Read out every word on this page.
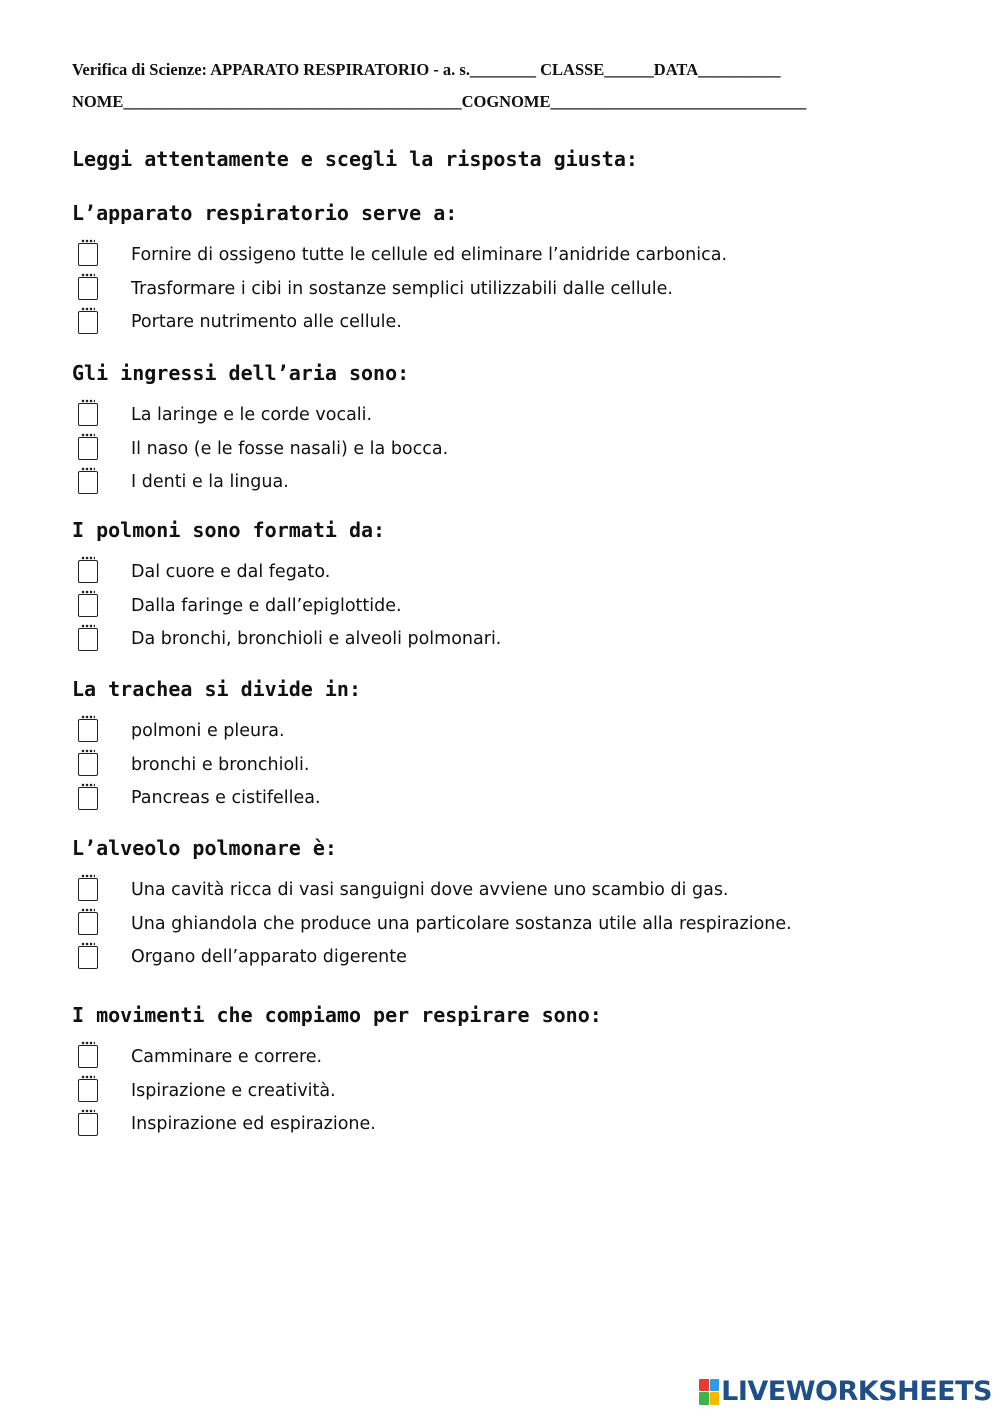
Verifica di Scienze: APPARATO RESPIRATORIO - a. s.________ CLASSE______DATA__________
NOME_________________________________________COGNOME_______________________________
Leggi attentamente e scegli la risposta giusta:
L’apparato respiratorio serve a:
Fornire di ossigeno tutte le cellule ed eliminare l’anidride carbonica.
Trasformare i cibi in sostanze semplici utilizzabili dalle cellule.
Portare nutrimento alle cellule.
Gli ingressi dell’aria sono:
La laringe e le corde vocali.
Il naso (e le fosse nasali) e la bocca.
I denti e la lingua.
I polmoni sono formati da:
Dal cuore e dal fegato.
Dalla faringe e dall’epiglottide.
Da bronchi, bronchioli e alveoli polmonari.
La trachea si divide in:
polmoni e pleura.
bronchi e bronchioli.
Pancreas e cistifellea.
L’alveolo polmonare è:
Una cavità ricca di vasi sanguigni dove avviene uno scambio di gas.
Una ghiandola che produce una particolare sostanza utile alla respirazione.
Organo dell’apparato digerente
I movimenti che compiamo per respirare sono:
Camminare e correre.
Ispirazione e creatività.
Inspirazione ed espirazione.
LIVEWORKSHEETS
